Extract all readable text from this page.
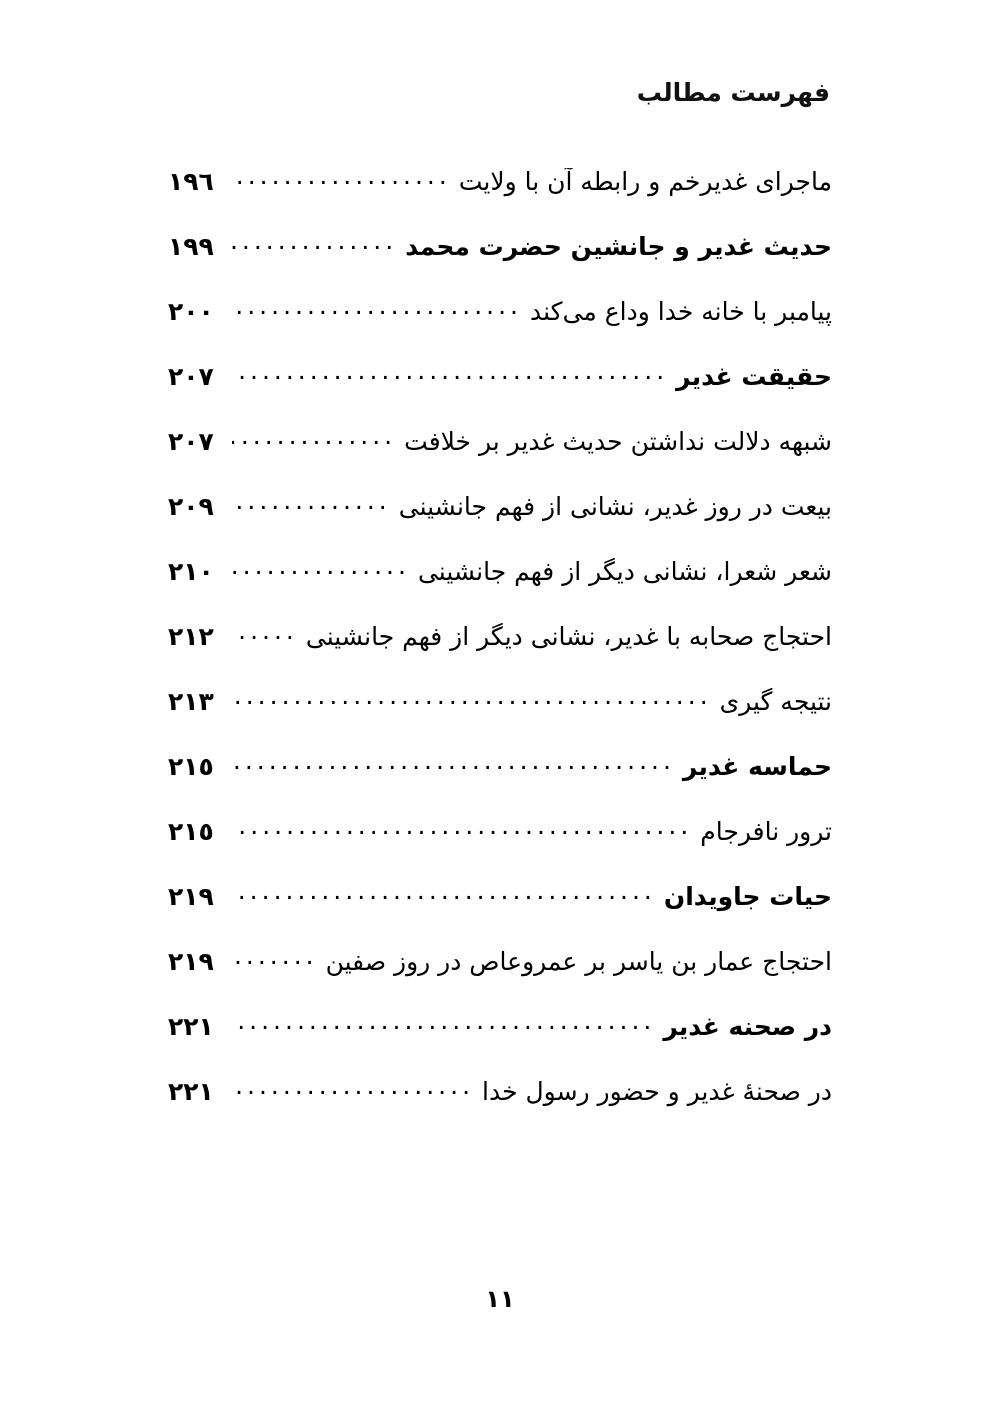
فهرست مطالب
ماجرای غدیرخم و رابطه آن با ولایت
.....
١٩٦
حدیث غدیر و جانشین حضرت محمد
.....
١٩٩
پیامبر با خانه خدا وداع می‌کند
.....
٢٠٠
حقیقت غدیر
.....
٢٠٧
شبهه دلالت نداشتن حدیث غدیر بر خلافت
.....
٢٠٧
بیعت در روز غدیر، نشانی از فهم جانشینی
.....
٢٠٩
شعر شعرا، نشانی دیگر از فهم جانشینی
.....
٢١٠
احتجاج صحابه با غدیر، نشانی دیگر از فهم جانشینی
.....
٢١٢
نتیجه گیری
.....
٢١٣
حماسه غدیر
.....
٢١٥
ترور نافرجام
.....
٢١٥
حیات جاویدان
.....
٢١٩
احتجاج عمار بن یاسر بر عمروعاص در روز صفین
.....
٢١٩
در صحنه غدیر
.....
٢٢١
در صحنهٔ غدیر و حضور رسول خدا
.....
٢٢١
١١
